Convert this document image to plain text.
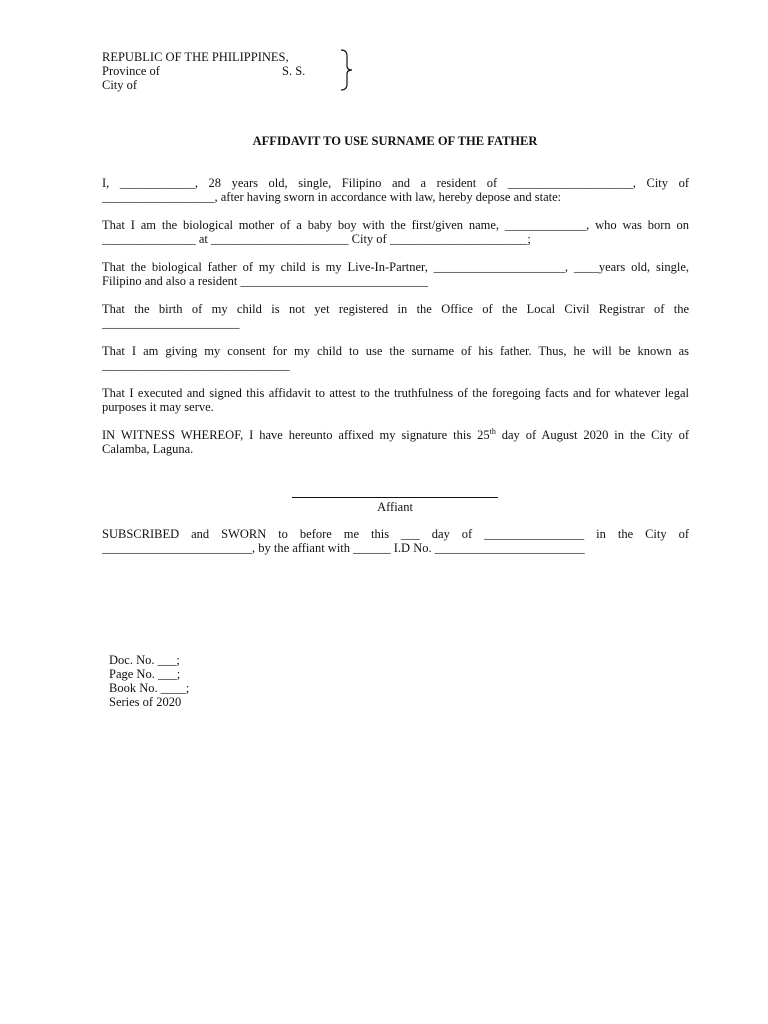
REPUBLIC OF THE PHILIPPINES,
Province of	S. S.
City of
AFFIDAVIT TO USE SURNAME OF THE FATHER

I, ____________, 28 years old, single, Filipino and a resident of ____________________, City of __________________, after having sworn in accordance with law, hereby depose and state:

That I am the biological mother of a baby boy with the first/given name, _____________, who was born on _______________ at ______________________ City of ______________________;

That the biological father of my child is my Live-In-Partner, _____________________, ____years old, single, Filipino and also a resident ______________________________

That the birth of my child is not yet registered in the Office of the Local Civil Registrar of the ______________________

That I am giving my consent for my child to use the surname of his father. Thus, he will be known as ______________________________

That I executed and signed this affidavit to attest to the truthfulness of the foregoing facts and for whatever legal purposes it may serve.

IN WITNESS WHEREOF, I have hereunto affixed my signature this 25th day of August 2020 in the City of Calamba, Laguna.

Affiant

SUBSCRIBED and SWORN to before me this ___ day of ________________ in the City of ________________________, by the affiant with ______ I.D No. ________________________

Doc. No. ___;
Page No. ___;
Book No. ____;
Series of 2020
